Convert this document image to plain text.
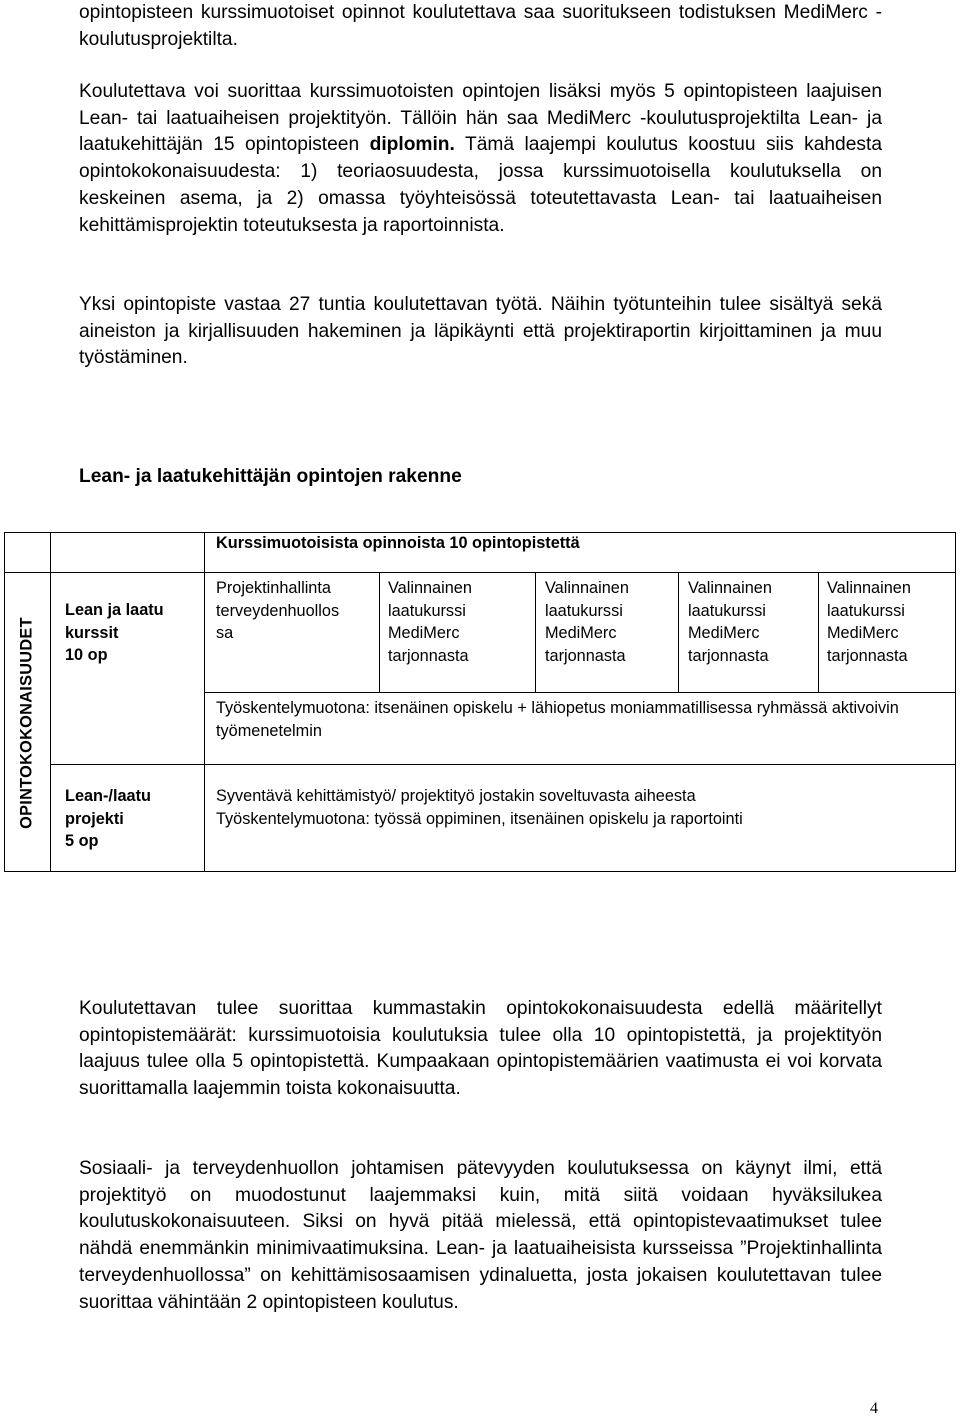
opintopisteen kurssimuotoiset opinnot koulutettava saa suoritukseen todistuksen MediMerc -koulutusprojektilta.
Koulutettava voi suorittaa kurssimuotoisten opintojen lisäksi myös 5 opintopisteen laajuisen Lean- tai laatuaiheisen projektityön. Tällöin hän saa MediMerc -koulutusprojektilta Lean- ja laatukehittäjän 15 opintopisteen diplomin. Tämä laajempi koulutus koostuu siis kahdesta opintokokonaisuudesta: 1) teoriaosuudesta, jossa kurssimuotoisella koulutuksella on keskeinen asema, ja 2) omassa työyhteisössä toteutettavasta Lean- tai laatuaiheisen kehittämisprojektin toteutuksesta ja raportoinnista.
Yksi opintopiste vastaa 27 tuntia koulutettavan työtä. Näihin työtunteihin tulee sisältyä sekä aineiston ja kirjallisuuden hakeminen ja läpikäynti että projektiraportin kirjoittaminen ja muu työstäminen.
Lean- ja laatukehittäjän opintojen rakenne
Kurssimuotoisista opinnoista 10 opintopistettä
OPINTOKOKONAISUUDET
Lean ja laatu
kurssit
10 op
Lean-/laatu
projekti
5 op
Projektinhallinta
terveydenhuollos
sa
Valinnainen
laatukurssi
MediMerc
tarjonnasta
Valinnainen
laatukurssi
MediMerc
tarjonnasta
Valinnainen
laatukurssi
MediMerc
tarjonnasta
Valinnainen
laatukurssi
MediMerc
tarjonnasta
Työskentelymuotona: itsenäinen opiskelu + lähiopetus moniammatillisessa ryhmässä aktivoivin työmenetelmin
Syventävä kehittämistyö/ projektityö jostakin soveltuvasta aiheesta
Työskentelymuotona: työssä oppiminen, itsenäinen opiskelu ja raportointi
Koulutettavan tulee suorittaa kummastakin opintokokonaisuudesta edellä määritellyt opintopistemäärät: kurssimuotoisia koulutuksia tulee olla 10 opintopistettä, ja projektityön laajuus tulee olla 5 opintopistettä. Kumpaakaan opintopistemäärien vaatimusta ei voi korvata suorittamalla laajemmin toista kokonaisuutta.
Sosiaali- ja terveydenhuollon johtamisen pätevyyden koulutuksessa on käynyt ilmi, että projektityö on muodostunut laajemmaksi kuin, mitä siitä voidaan hyväksilukea koulutuskokonaisuuteen. Siksi on hyvä pitää mielessä, että opintopistevaatimukset tulee nähdä enemmänkin minimivaatimuksina. Lean- ja laatuaiheisista kursseissa ”Projektinhallinta terveydenhuollossa” on kehittämisosaamisen ydinaluetta, josta jokaisen koulutettavan tulee suorittaa vähintään 2 opintopisteen koulutus.
4
